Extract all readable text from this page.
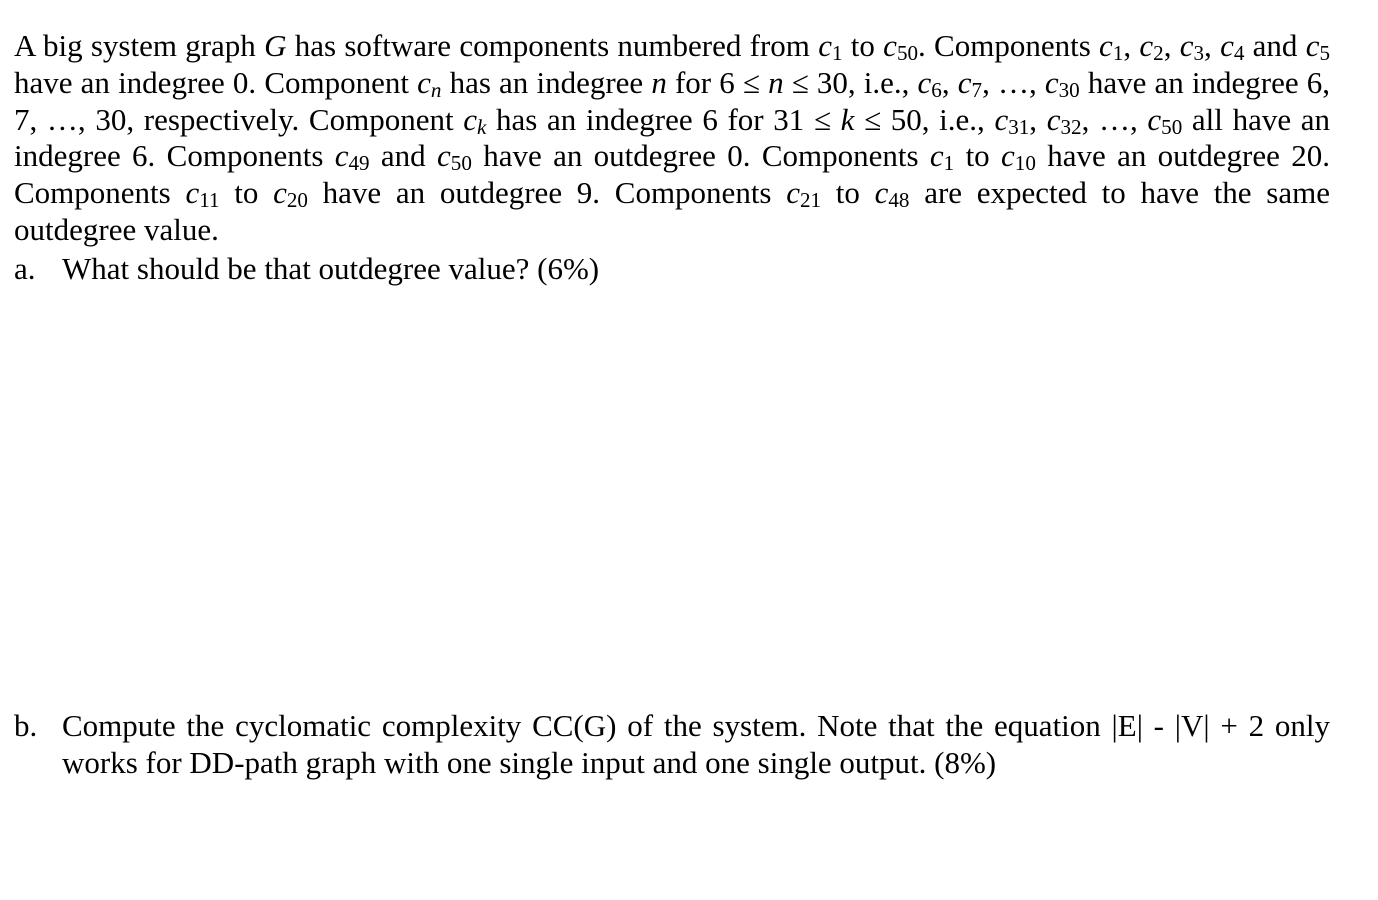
A big system graph G has software components numbered from $c_1$ to $c_{50}$. Components $c_1$, $c_2$, $c_3$, $c_4$ and $c_5$ have an indegree 0. Component $c_n$ has an indegree n for 6 ≤ n ≤ 30, i.e., $c_6$, $c_7$, …, $c_{30}$ have an indegree 6, 7, …, 30, respectively. Component $c_k$ has an indegree 6 for 31 ≤ k ≤ 50, i.e., $c_{31}$, $c_{32}$, …, $c_{50}$ all have an indegree 6. Components $c_{49}$ and $c_{50}$ have an outdegree 0. Components $c_1$ to $c_{10}$ have an outdegree 20. Components $c_{11}$ to $c_{20}$ have an outdegree 9. Components $c_{21}$ to $c_{48}$ are expected to have the same outdegree value.

a. What should be that outdegree value? (6%)
b. Compute the cyclomatic complexity CC(G) of the system. Note that the equation |E| - |V| + 2 only
works for DD-path graph with one single input and one single output. (8%)
